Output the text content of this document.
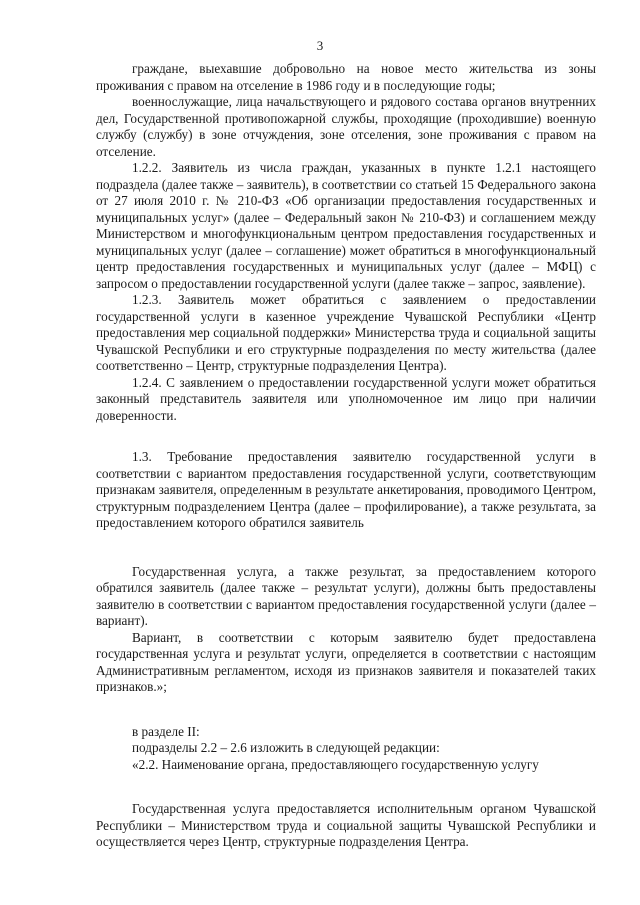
3

граждане, выехавшие добровольно на новое место жительства из зоны проживания с правом на отселение в 1986 году и в последующие годы;

военнослужащие, лица начальствующего и рядового состава органов внутренних дел, Государственной противопожарной службы, проходящие (проходившие) военную службу (службу) в зоне отчуждения, зоне отселения, зоне проживания с правом на отселение.

1.2.2. Заявитель из числа граждан, указанных в пункте 1.2.1 настоящего подраздела (далее также – заявитель), в соответствии со статьей 15 Федерального закона от 27 июля 2010 г. № 210-ФЗ «Об организации предоставления государственных и муниципальных услуг» (далее – Федеральный закон № 210-ФЗ) и соглашением между Министерством и многофункциональным центром предоставления государственных и муниципальных услуг (далее – соглашение) может обратиться в многофункциональный центр предоставления государственных и муниципальных услуг (далее – МФЦ) с запросом о предоставлении государственной услуги (далее также – запрос, заявление).

1.2.3. Заявитель может обратиться с заявлением о предоставлении государственной услуги в казенное учреждение Чувашской Республики «Центр предоставления мер социальной поддержки» Министерства труда и социальной защиты Чувашской Республики и его структурные подразделения по месту жительства (далее соответственно – Центр, структурные подразделения Центра).

1.2.4. С заявлением о предоставлении государственной услуги может обратиться законный представитель заявителя или уполномоченное им лицо при наличии доверенности.

1.3. Требование предоставления заявителю государственной услуги в соответствии с вариантом предоставления государственной услуги, соответствующим признакам заявителя, определенным в результате анкетирования, проводимого Центром, структурным подразделением Центра (далее – профилирование), а также результата, за предоставлением которого обратился заявитель

Государственная услуга, а также результат, за предоставлением которого обратился заявитель (далее также – результат услуги), должны быть предоставлены заявителю в соответствии с вариантом предоставления государственной услуги (далее – вариант).

Вариант, в соответствии с которым заявителю будет предоставлена государственная услуга и результат услуги, определяется в соответствии с настоящим Административным регламентом, исходя из признаков заявителя и показателей таких признаков.»;

в разделе II:

подразделы 2.2 – 2.6 изложить в следующей редакции:

«2.2. Наименование органа, предоставляющего государственную услугу

Государственная услуга предоставляется исполнительным органом Чувашской Республики – Министерством труда и социальной защиты Чувашской Республики и осуществляется через Центр, структурные подразделения Центра.
